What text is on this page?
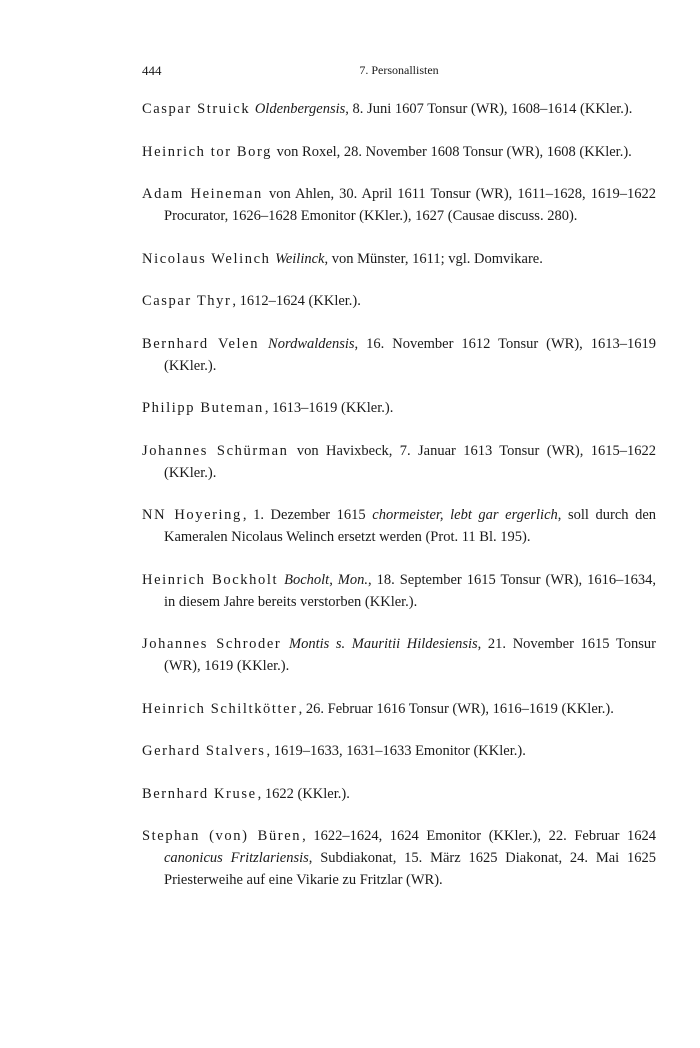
444	7. Personallisten

Caspar Struick Oldenbergensis, 8. Juni 1607 Tonsur (WR), 1608–1614 (KKler.).

Heinrich tor Borg von Roxel, 28. November 1608 Tonsur (WR), 1608 (KKler.).

Adam Heineman von Ahlen, 30. April 1611 Tonsur (WR), 1611–1628, 1619–1622 Procurator, 1626–1628 Emonitor (KKler.), 1627 (Causae discuss. 280).

Nicolaus Welinch Weilinck, von Münster, 1611; vgl. Domvikare.

Caspar Thyr, 1612–1624 (KKler.).

Bernhard Velen Nordwaldensis, 16. November 1612 Tonsur (WR), 1613–1619 (KKler.).

Philipp Buteman, 1613–1619 (KKler.).

Johannes Schürman von Havixbeck, 7. Januar 1613 Tonsur (WR), 1615–1622 (KKler.).

NN Hoyering, 1. Dezember 1615 chormeister, lebt gar ergerlich, soll durch den Kameralen Nicolaus Welinch ersetzt werden (Prot. 11 Bl. 195).

Heinrich Bockholt Bocholt, Mon., 18. September 1615 Tonsur (WR), 1616–1634, in diesem Jahre bereits verstorben (KKler.).

Johannes Schroder Montis s. Mauritii Hildesiensis, 21. November 1615 Tonsur (WR), 1619 (KKler.).

Heinrich Schiltkötter, 26. Februar 1616 Tonsur (WR), 1616–1619 (KKler.).

Gerhard Stalvers, 1619–1633, 1631–1633 Emonitor (KKler.).

Bernhard Kruse, 1622 (KKler.).

Stephan (von) Büren, 1622–1624, 1624 Emonitor (KKler.), 22. Februar 1624 canonicus Fritzlariensis, Subdiakonat, 15. März 1625 Diakonat, 24. Mai 1625 Priesterweihe auf eine Vikarie zu Fritzlar (WR).
